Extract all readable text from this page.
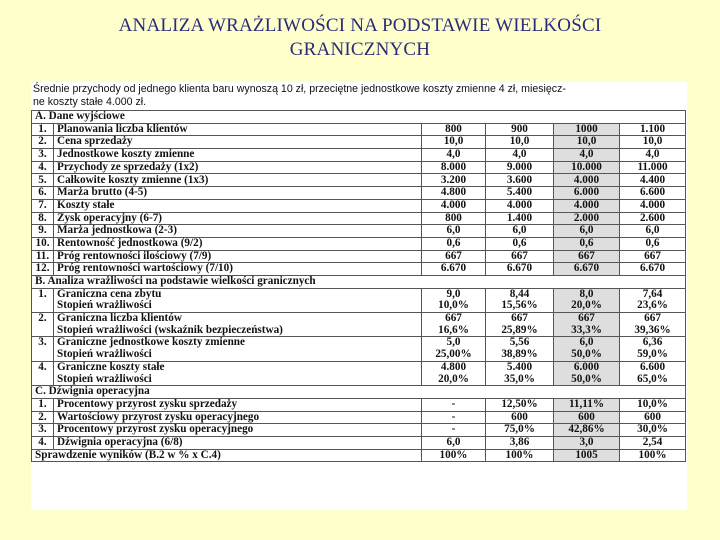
ANALIZA WRAŻLIWOŚCI NA PODSTAWIE WIELKOŚCI
GRANICZNYCH
Średnie przychody od jednego klienta baru wynoszą 10 zł, przeciętne jednostkowe koszty zmienne 4 zł, miesięcz-
ne koszty stałe 4.000 zł.
A. Dane wyjściowe					
1.	Planowania liczba klientów	800	900	1000	1.100
2.	Cena sprzedaży	10,0	10,0	10,0	10,0
3.	Jednostkowe koszty zmienne	4,0	4,0	4,0	4,0
4.	Przychody ze sprzedaży (1x2)	8.000	9.000	10.000	11.000
5.	Całkowite koszty zmienne (1x3)	3.200	3.600	4.000	4.400
6.	Marża brutto (4-5)	4.800	5.400	6.000	6.600
7.	Koszty stałe	4.000	4.000	4.000	4.000
8.	Zysk operacyjny (6-7)	800	1.400	2.000	2.600
9.	Marża jednostkowa (2-3)	6,0	6,0	6,0	6,0
10.	Rentowność jednostkowa (9/2)	0,6	0,6	0,6	0,6
11.	Próg rentowności ilościowy (7/9)	667	667	667	667
12.	Próg rentowności wartościowy (7/10)	6.670	6.670	6.670	6.670
B. Analiza wrażliwości na podstawie wielkości granicznych					
1.	Graniczna cena zbytu	9,0	8,44	8,0	7,64
	Stopień wrażliwości	10,0%	15,56%	20,0%	23,6%
2.	Graniczna liczba klientów	667	667	667	667
	Stopień wrażliwości (wskaźnik bezpieczeństwa)	16,6%	25,89%	33,3%	39,36%
3.	Graniczne jednostkowe koszty zmienne	5,0	5,56	6,0	6,36
	Stopień wrażliwości	25,00%	38,89%	50,0%	59,0%
4.	Graniczne koszty stałe	4.800	5.400	6.000	6.600
	Stopień wrażliwości	20,0%	35,0%	50,0%	65,0%
C. Dźwignia operacyjna					
1.	Procentowy przyrost zysku sprzedaży	-	12,50%	11,11%	10,0%
2.	Wartościowy przyrost zysku operacyjnego	-	600	600	600
3.	Procentowy przyrost zysku operacyjnego	-	75,0%	42,86%	30,0%
4.	Dźwignia operacyjna (6/8)	6,0	3,86	3,0	2,54
Sprawdzenie wyników (B.2 w % x C.4)		100%	100%	1005	100%
